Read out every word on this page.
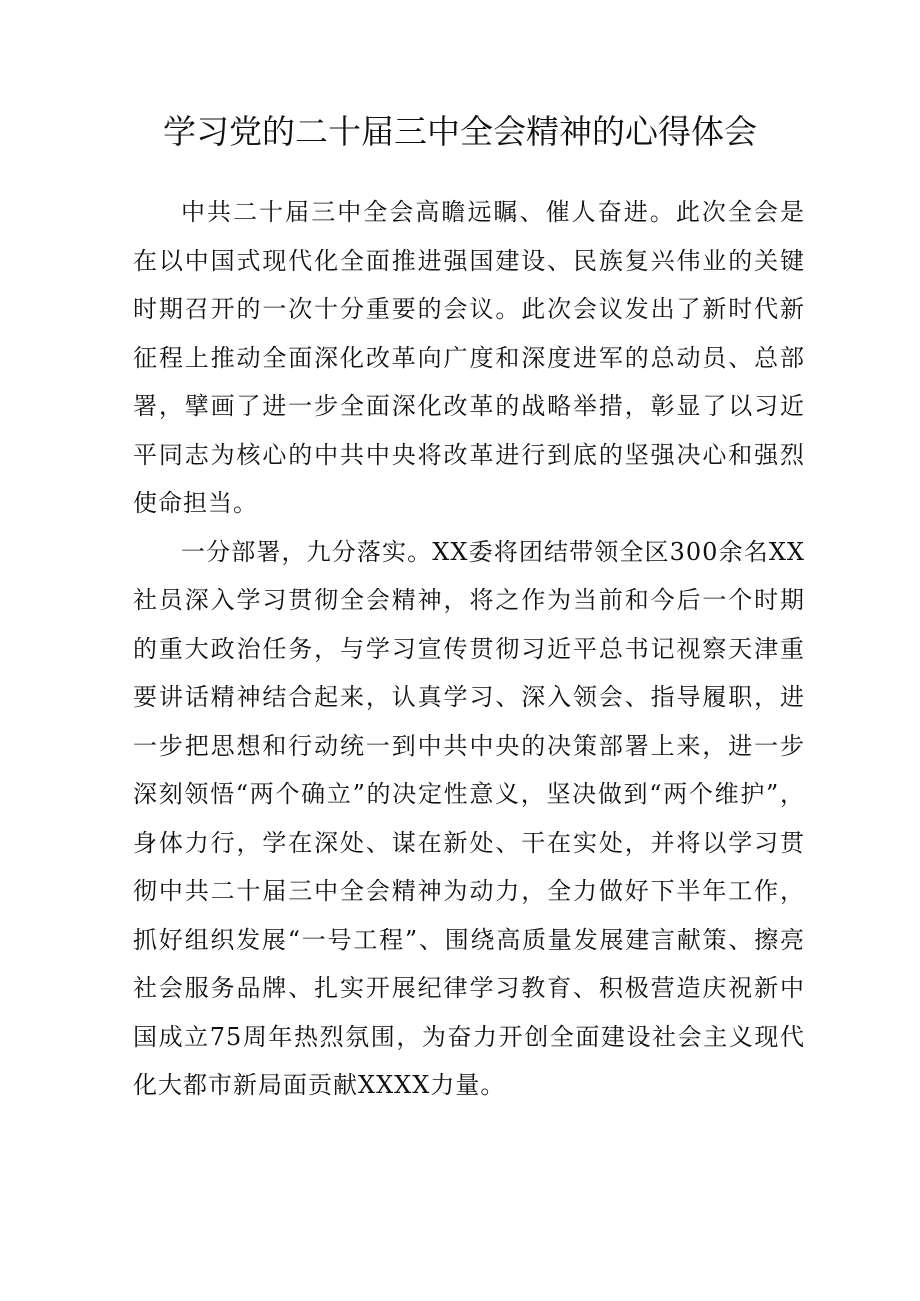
学习党的二十届三中全会精神的心得体会

中共二十届三中全会高瞻远瞩、催人奋进。此次全会是在以中国式现代化全面推进强国建设、民族复兴伟业的关键时期召开的一次十分重要的会议。此次会议发出了新时代新征程上推动全面深化改革向广度和深度进军的总动员、总部署，擘画了进一步全面深化改革的战略举措，彰显了以习近平同志为核心的中共中央将改革进行到底的坚强决心和强烈使命担当。

一分部署，九分落实。XX委将团结带领全区300余名XX社员深入学习贯彻全会精神，将之作为当前和今后一个时期的重大政治任务，与学习宣传贯彻习近平总书记视察天津重要讲话精神结合起来，认真学习、深入领会、指导履职，进一步把思想和行动统一到中共中央的决策部署上来，进一步深刻领悟“两个确立”的决定性意义，坚决做到“两个维护”，身体力行，学在深处、谋在新处、干在实处，并将以学习贯彻中共二十届三中全会精神为动力，全力做好下半年工作，抓好组织发展“一号工程”、围绕高质量发展建言献策、擦亮社会服务品牌、扎实开展纪律学习教育、积极营造庆祝新中国成立75周年热烈氛围，为奋力开创全面建设社会主义现代化大都市新局面贡献XXXX力量。
